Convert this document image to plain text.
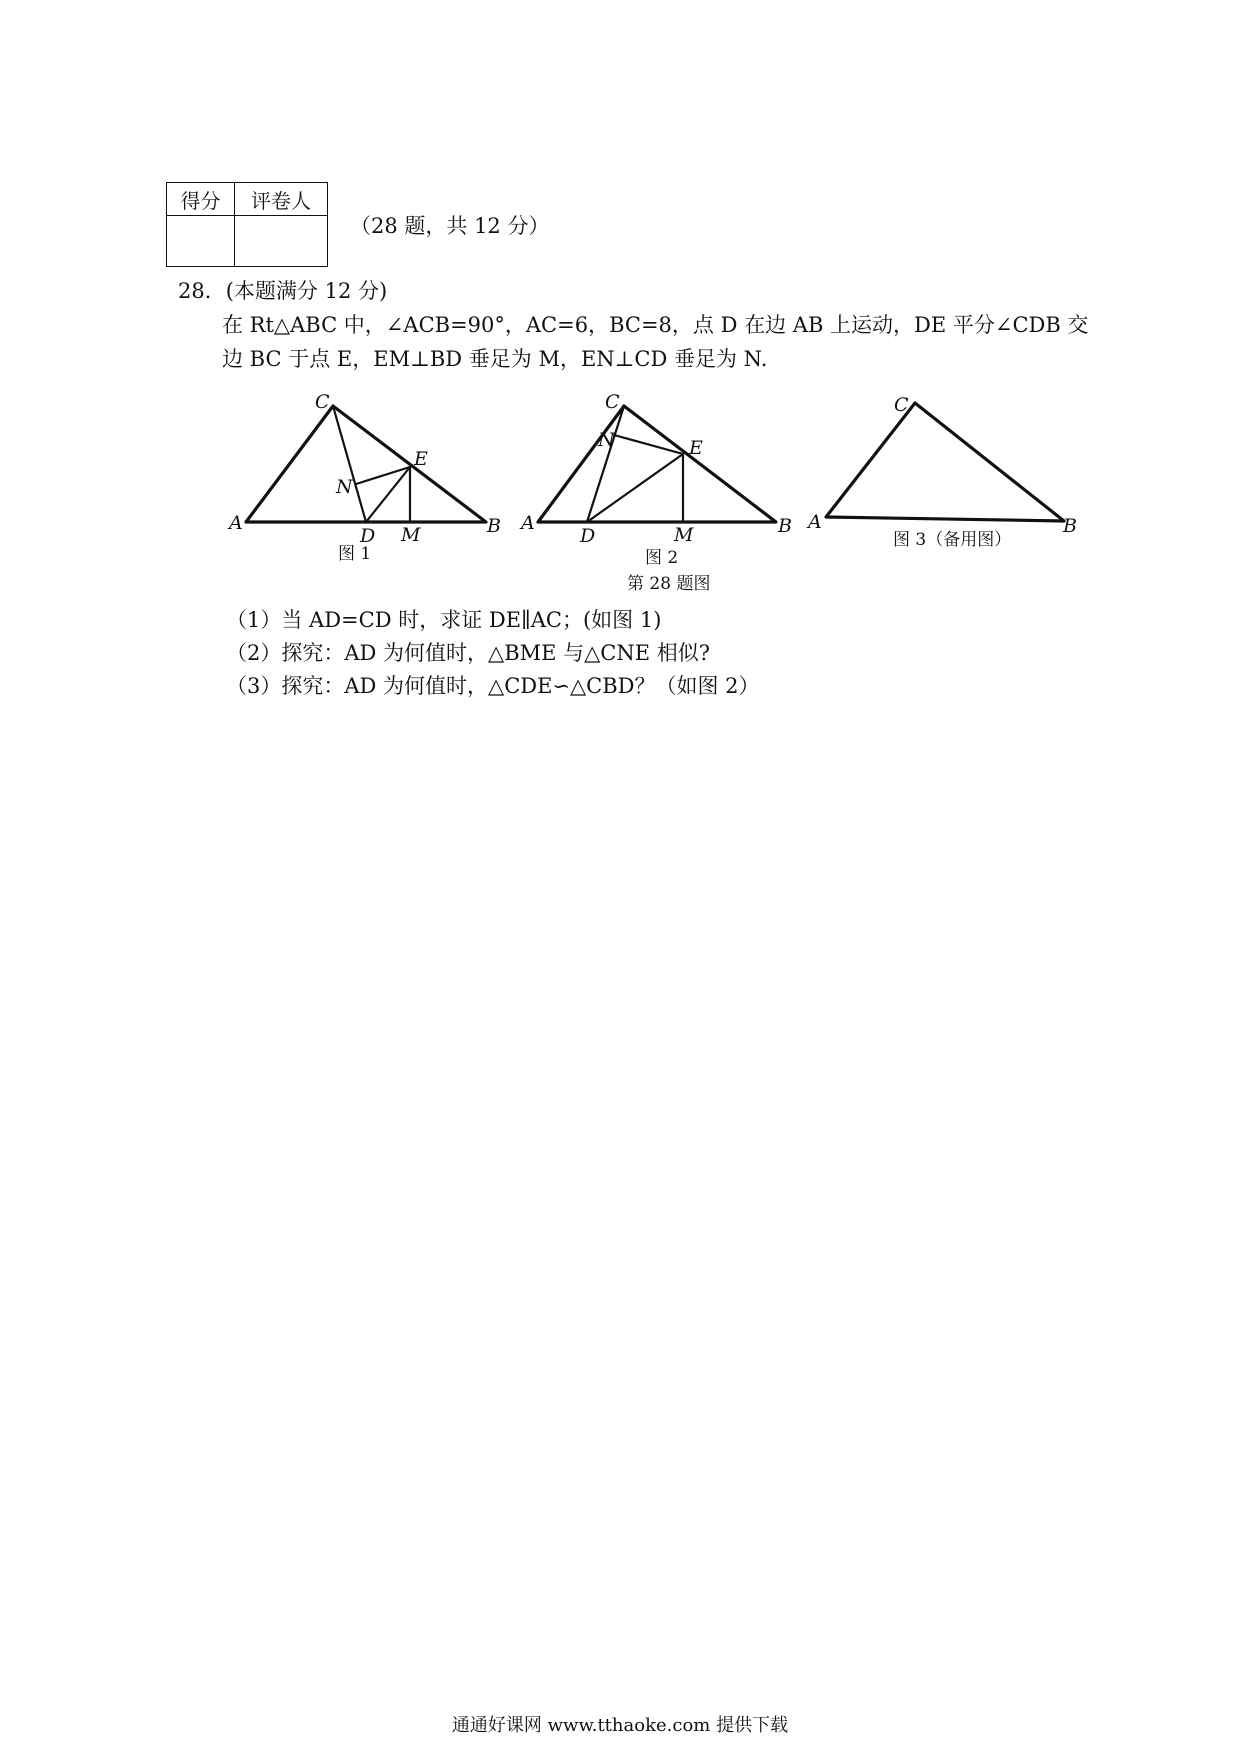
得分	评卷人

（28 题，共 12 分）
28．(本题满分 12 分)
在 Rt△ABC 中，∠ACB=90°，AC=6，BC=8，点 D 在边 AB 上运动，DE 平分∠CDB 交
边 BC 于点 E，EM⊥BD 垂足为 M，EN⊥CD 垂足为 N.
A
C
B
D
E
M
N
A
C
B
D
E
M
N
A
C
B
图 1	图 2
图 3（备用图）
第 28 题图
（1）当 AD=CD 时，求证 DE∥AC；(如图 1)
（2）探究：AD 为何值时，△BME 与△CNE 相似?
（3）探究：AD 为何值时，△CDE∽△CBD？（如图 2）
通通好课网 www.tthaoke.com 提供下载
